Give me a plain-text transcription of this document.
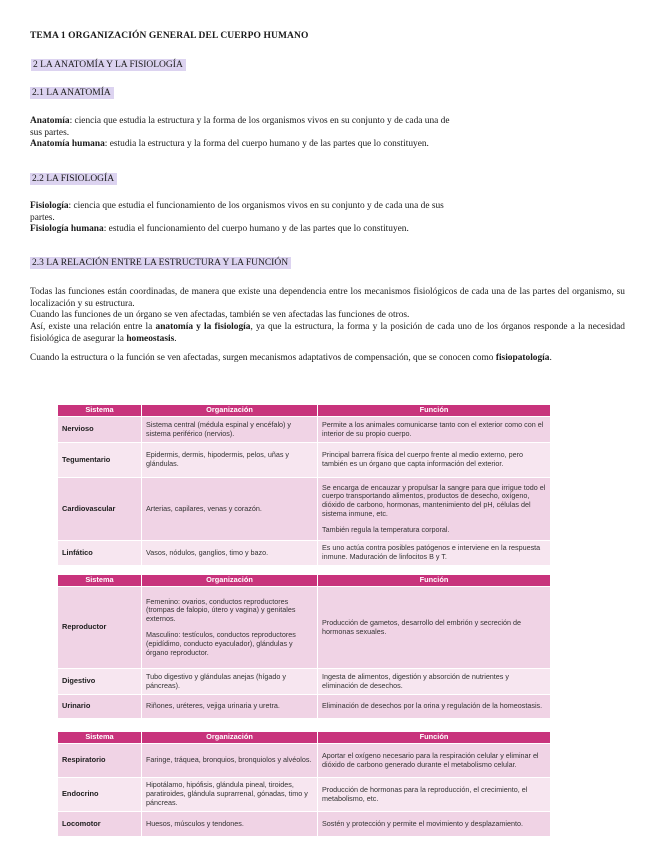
TEMA 1 ORGANIZACIÓN GENERAL DEL CUERPO HUMANO
2 LA ANATOMÍA Y LA FISIOLOGÍA
2.1 LA ANATOMÍA
Anatomía: ciencia que estudia la estructura y la forma de los organismos vivos en su conjunto y de cada una de
sus partes.
Anatomía humana: estudia la estructura y la forma del cuerpo humano y de las partes que lo constituyen.
2.2 LA FISIOLOGÍA
Fisiología: ciencia que estudia el funcionamiento de los organismos vivos en su conjunto y de cada una de sus
partes.
Fisiología humana: estudia el funcionamiento del cuerpo humano y de las partes que lo constituyen.
2.3 LA RELACIÓN ENTRE LA ESTRUCTURA Y LA FUNCIÓN
Todas las funciones están coordinadas, de manera que existe una dependencia entre los mecanismos fisiológicos de cada una de las partes del organismo, su localización y su estructura.
Cuando las funciones de un órgano se ven afectadas, también se ven afectadas las funciones de otros.
Así, existe una relación entre la anatomía y la fisiología, ya que la estructura, la forma y la posición de cada uno de los órganos responde a la necesidad fisiológica de asegurar la homeostasis.
Cuando la estructura o la función se ven afectadas, surgen mecanismos adaptativos de compensación, que se conocen como fisiopatología.
Sistema	Organización	Función
Nervioso	Sistema central (médula espinal y encéfalo) y sistema periférico (nervios).	Permite a los animales comunicarse tanto con el exterior como con el interior de su propio cuerpo.
Tegumentario	Epidermis, dermis, hipodermis, pelos, uñas y glándulas.	Principal barrera física del cuerpo frente al medio externo, pero también es un órgano que capta información del exterior.
Cardiovascular	Arterias, capilares, venas y corazón.	Se encarga de encauzar y propulsar la sangre para que irrigue todo el cuerpo transportando alimentos, productos de desecho, oxígeno, dióxido de carbono, hormonas, mantenimiento del pH, células del sistema inmune, etc.
También regula la temperatura corporal.

Linfático	Vasos, nódulos, ganglios, timo y bazo.	Es uno actúa contra posibles patógenos e interviene en la respuesta inmune. Maduración de linfocitos B y T.
Sistema	Organización	Función
Reproductor	Femenino: ovarios, conductos reproductores (trompas de falopio, útero y vagina) y genitales externos.
Masculino: testículos, conductos reproductores (epidídimo, conducto eyaculador), glándulas y órgano reproductor.	Producción de gametos, desarrollo del embrión y secreción de hormonas sexuales.
Digestivo	Tubo digestivo y glándulas anejas (hígado y páncreas).	Ingesta de alimentos, digestión y absorción de nutrientes y eliminación de desechos.
Urinario	Riñones, uréteres, vejiga urinaria y uretra.	Eliminación de desechos por la orina y regulación de la homeostasis.
Sistema	Organización	Función
Respiratorio	Faringe, tráquea, bronquios, bronquiolos y alvéolos.	Aportar el oxígeno necesario para la respiración celular y eliminar el dióxido de carbono generado durante el metabolismo celular.
Endocrino	Hipotálamo, hipófisis, glándula pineal, tiroides, paratiroides, glándula suprarrenal, gónadas, timo y páncreas.	Producción de hormonas para la reproducción, el crecimiento, el metabolismo, etc.
Locomotor	Huesos, músculos y tendones.	Sostén y protección y permite el movimiento y desplazamiento.
